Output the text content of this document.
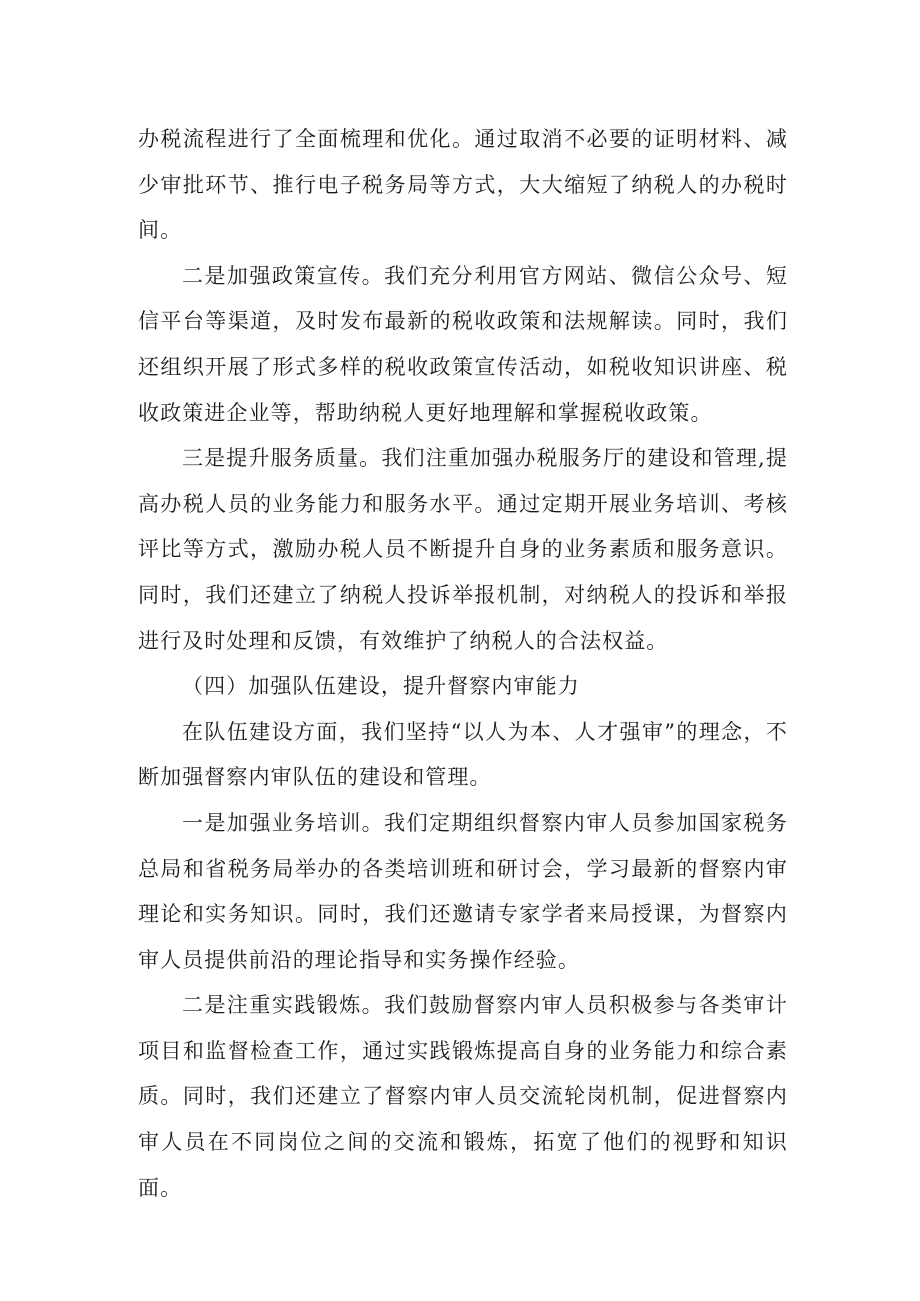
办税流程进行了全面梳理和优化。通过取消不必要的证明材料、减少审批环节、推行电子税务局等方式，大大缩短了纳税人的办税时间。

二是加强政策宣传。我们充分利用官方网站、微信公众号、短信平台等渠道，及时发布最新的税收政策和法规解读。同时，我们还组织开展了形式多样的税收政策宣传活动，如税收知识讲座、税收政策进企业等，帮助纳税人更好地理解和掌握税收政策。

三是提升服务质量。我们注重加强办税服务厅的建设和管理,提高办税人员的业务能力和服务水平。通过定期开展业务培训、考核评比等方式，激励办税人员不断提升自身的业务素质和服务意识。同时，我们还建立了纳税人投诉举报机制，对纳税人的投诉和举报进行及时处理和反馈，有效维护了纳税人的合法权益。

（四）加强队伍建设，提升督察内审能力

在队伍建设方面，我们坚持“以人为本、人才强审”的理念，不断加强督察内审队伍的建设和管理。

一是加强业务培训。我们定期组织督察内审人员参加国家税务总局和省税务局举办的各类培训班和研讨会，学习最新的督察内审理论和实务知识。同时，我们还邀请专家学者来局授课，为督察内审人员提供前沿的理论指导和实务操作经验。

二是注重实践锻炼。我们鼓励督察内审人员积极参与各类审计项目和监督检查工作，通过实践锻炼提高自身的业务能力和综合素质。同时，我们还建立了督察内审人员交流轮岗机制，促进督察内审人员在不同岗位之间的交流和锻炼，拓宽了他们的视野和知识面。
